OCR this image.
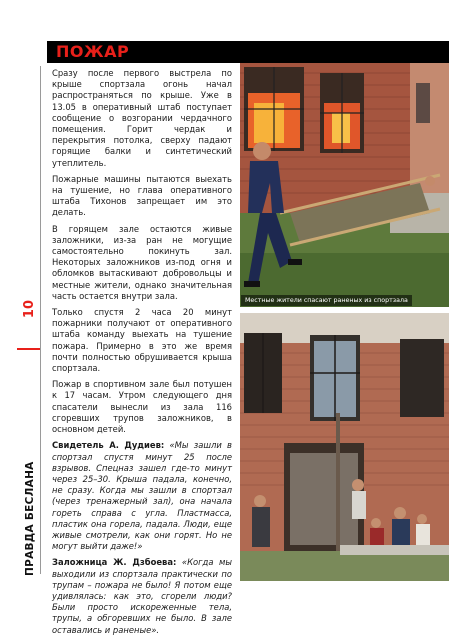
ПОЖАР
10
ПРАВДА БЕСЛАНА

Сразу после первого выстрела по крыше спортзала огонь начал распространяться по крыше. Уже в 13.05 в оперативный штаб поступает сообщение о возгорании чердачного помещения. Горит чердак и перекрытия потолка, сверху падают горящие балки и синтетический утеплитель.

Пожарные машины пытаются выехать на тушение, но глава оперативного штаба Тихонов запрещает им это делать.

В горящем зале остаются живые заложники, из-за ран не могущие самостоятельно покинуть зал. Некоторых заложников из-под огня и обломков вытаскивают добровольцы и местные жители, однако значительная часть остается внутри зала.

Только спустя 2 часа 20 минут пожарники получают от оперативного штаба команду выехать на тушение пожара. Примерно в это же время почти полностью обрушивается крыша спортзала.

Пожар в спортивном зале был потушен к 17 часам. Утром следующего дня спасатели вынесли из зала 116 сгоревших трупов заложников, в основном детей.

Свидетель А. Дудиев: «Мы зашли в спортзал спустя минут 25 после взрывов. Спецназ зашел где-то минут через 25–30. Крыша падала, конечно, не сразу. Когда мы зашли в спортзал (через тренажерный зал), она начала гореть справа с угла. Пластмасса, пластик она горела, падала. Люди, еще живые смотрели, как они горят. Но не могут выйти даже!»

Заложница Ж. Дзбоева: «Когда мы выходили из спортзала практически по трупам – пожара не было! Я потом еще удивлялась: как это, сгорели люди? Были просто искореженные тела, трупы, а обгоревших не было. В зале оставались и раненые».

Местные жители спасают раненых из спортзала
